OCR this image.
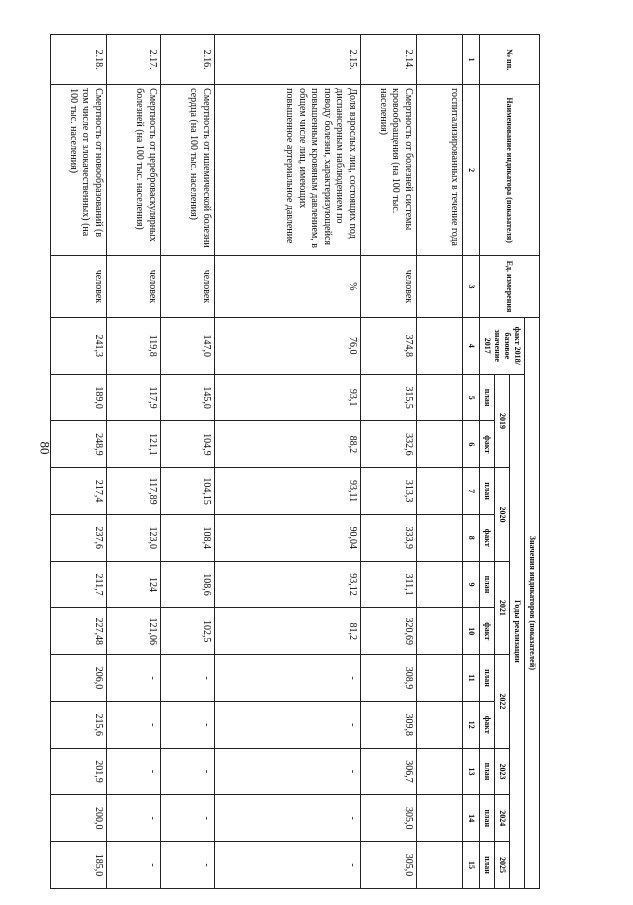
80
№ пп.	Наименование индикатора (показателя)	Ед. измерения	Значения индикаторов (показателей)											
			факт 2018/базовое значение 2017	Годы реализации										
				2019		2020		2021		2022		2023	2024	2025
				план	факт	план	факт	план	факт	план	факт	план	план	план
1	2	3	4	5	6	7	8	9	10	11	12	13	14	15
	госпитализированных в течение года													
2.14.	Смертность от болезней системы кровообращения (на 100 тыс. населения)	человек	374,8	315,5	332,6	313,3	333,9	311,1	320,69	308,9	309,8	306,7	305,0	305,0
2.15.	Доля взрослых лиц, состоящих под диспансерным наблюдением по поводу болезни, характеризующейся повышенным кровяным давлением, в общем числе лиц, имеющих повышенное артериальное давление	%	76,0	93,1	88,2	93,11	90,04	93,12	81,2	-	-	-	-	-
2.16.	Смертность от ишемической болезни сердца (на 100 тыс. населения)	человек	147,0	145,0	104,9	104,15	108,4	108,6	102,5	-	-	-	-	-
2.17.	Смертность от цереброваскулярных болезней (на 100 тыс. населения)	человек	119,8	117,9	121,1	117,89	123,0	124	121,06	-	-	-	-	-
2.18.	Смертность от новообразований (в том числе от злокачественных) (на 100 тыс. населения)	человек	241,3	189,0	248,9	217,4	237,6	211,7	227,48	206,0	215,6	201,9	200,0	185,0
